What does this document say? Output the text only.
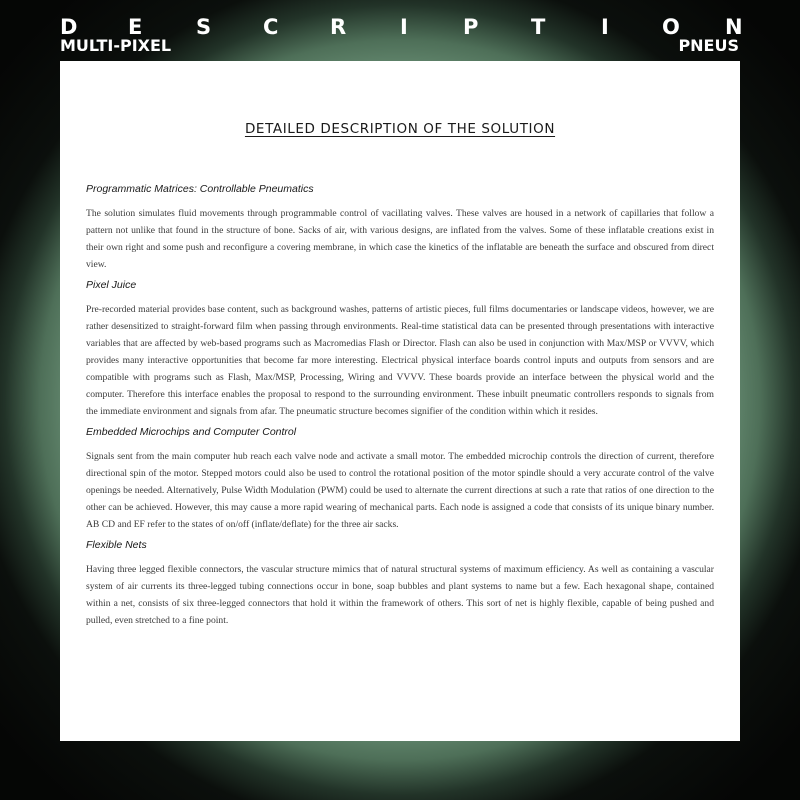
D E	S C R	I	P	T	I	O N
MULTI-PIXEL	PNEUS
DETAILED DESCRIPTION OF THE SOLUTION

Programmatic Matrices: Controllable Pneumatics

The solution simulates fluid movements through programmable control of vacillating valves. These valves are housed in a network of capillaries that follow a pattern not unlike that found in the structure of bone. Sacks of air, with various designs, are inflated from the valves. Some of these inflatable creations exist in their own right and some push and reconfigure a covering membrane, in which case the kinetics of the inflatable are beneath the surface and obscured from direct view.

Pixel Juice

Pre-recorded material provides base content, such as background washes, patterns of artistic pieces, full films documentaries or landscape videos, however, we are rather desensitized to straight-forward film when passing through environments. Real-time statistical data can be presented through presentations with interactive variables that are affected by web-based programs such as Macromedias Flash or Director. Flash can also be used in conjunction with Max/MSP or VVVV, which provides many interactive opportunities that become far more interesting. Electrical physical interface boards control inputs and outputs from sensors and are compatible with programs such as Flash, Max/MSP, Processing, Wiring and VVVV. These boards provide an interface between the physical world and the computer. Therefore this interface enables the proposal to respond to the surrounding environment. These inbuilt pneumatic controllers responds to signals from the immediate environment and signals from afar. The pneumatic structure becomes signifier of the condition within which it resides.

Embedded Microchips and Computer Control

Signals sent from the main computer hub reach each valve node and activate a small motor. The embedded microchip controls the direction of current, therefore directional spin of the motor. Stepped motors could also be used to control the rotational position of the motor spindle should a very accurate control of the valve openings be needed. Alternatively, Pulse Width Modulation (PWM) could be used to alternate the current directions at such a rate that ratios of one direction to the other can be achieved. However, this may cause a more rapid wearing of mechanical parts. Each node is assigned a code that consists of its unique binary number. AB CD and EF refer to the states of on/off (inflate/deflate) for the three air sacks.

Flexible Nets

Having three legged flexible connectors, the vascular structure mimics that of natural structural systems of maximum efficiency. As well as containing a vascular system of air currents its three-legged tubing connections occur in bone, soap bubbles and plant systems to name but a few. Each hexagonal shape, contained within a net, consists of six three-legged connectors that hold it within the framework of others. This sort of net is highly flexible, capable of being pushed and pulled, even stretched to a fine point.
